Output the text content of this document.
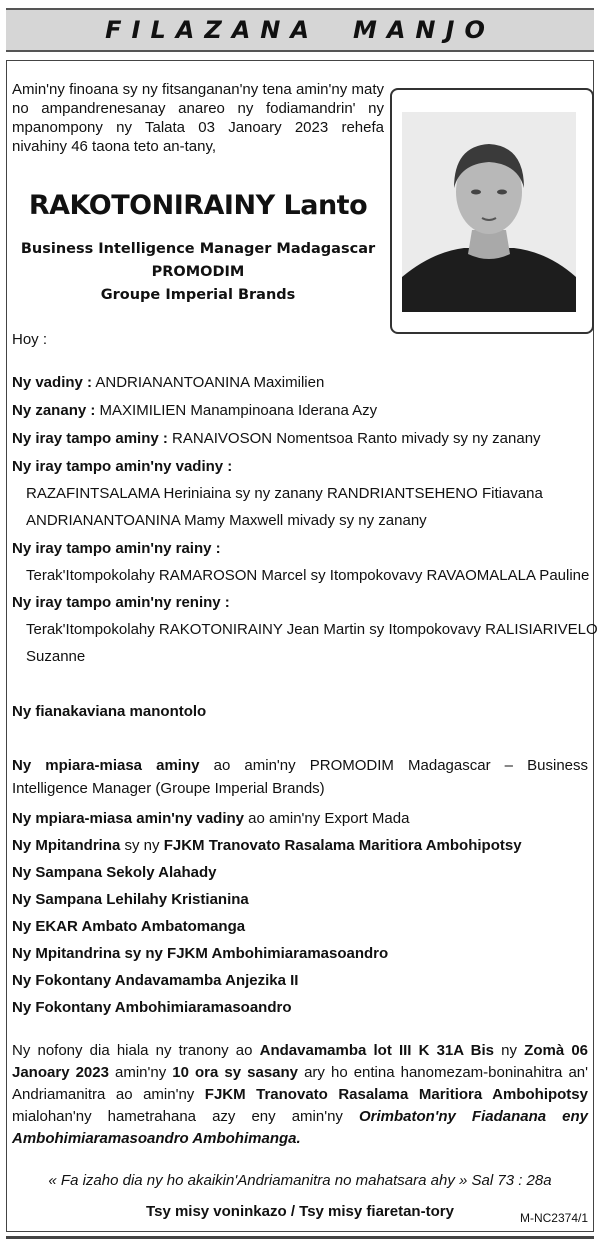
FILAZANA MANJO
Amin'ny finoana sy ny fitsanganan'ny tena amin'ny maty no ampandrenesanay anareo ny fodiamandrin' ny mpanompony ny Talata 03 Janoary 2023 rehefa nivahiny 46 taona teto an-tany,
RAKOTONIRAINY Lanto
Business Intelligence Manager Madagascar
PROMODIM
Groupe Imperial Brands
Hoy :
Ny vadiny : ANDRIANANTOANINA Maximilien
Ny zanany : MAXIMILIEN Manampinoana Iderana Azy
Ny iray tampo aminy : RANAIVOSON Nomentsoa Ranto mivady sy ny zanany
Ny iray tampo amin'ny vadiny :
RAZAFINTSALAMA Heriniaina sy ny zanany RANDRIANTSEHENO Fitiavana
ANDRIANANTOANINA Mamy Maxwell mivady sy ny zanany
Ny iray tampo amin'ny rainy :
Terak'Itompokolahy RAMAROSON Marcel sy Itompokovavy RAVAOMALALA Pauline
Ny iray tampo amin'ny reniny :
Terak'Itompokolahy RAKOTONIRAINY Jean Martin sy Itompokovavy RALISIARIVELO
Suzanne
Ny fianakaviana manontolo
Ny mpiara-miasa aminy ao amin'ny PROMODIM Madagascar – Business Intelligence Manager (Groupe Imperial Brands)
Ny mpiara-miasa amin'ny vadiny ao amin'ny Export Mada
Ny Mpitandrina sy ny FJKM Tranovato Rasalama Maritiora Ambohipotsy
Ny Sampana Sekoly Alahady
Ny Sampana Lehilahy Kristianina
Ny EKAR Ambato Ambatomanga
Ny Mpitandrina sy ny FJKM Ambohimiaramasoandro
Ny Fokontany Andavamamba Anjezika II
Ny Fokontany Ambohimiaramasoandro
Ny nofony dia hiala ny tranony ao Andavamamba lot III K 31A Bis ny Zomà 06 Janoary 2023 amin'ny 10 ora sy sasany ary ho entina hanomezam-boninahitra an' Andriamanitra ao amin'ny FJKM Tranovato Rasalama Maritiora Ambohipotsy mialohan'ny hametrahana azy eny amin'ny Orimbaton'ny Fiadanana eny Ambohimiaramasoandro Ambohimanga.
« Fa izaho dia ny ho akaikin'Andriamanitra no mahatsara ahy » Sal 73 : 28a
Tsy misy voninkazo / Tsy misy fiaretan-tory	M-NC2374/1
